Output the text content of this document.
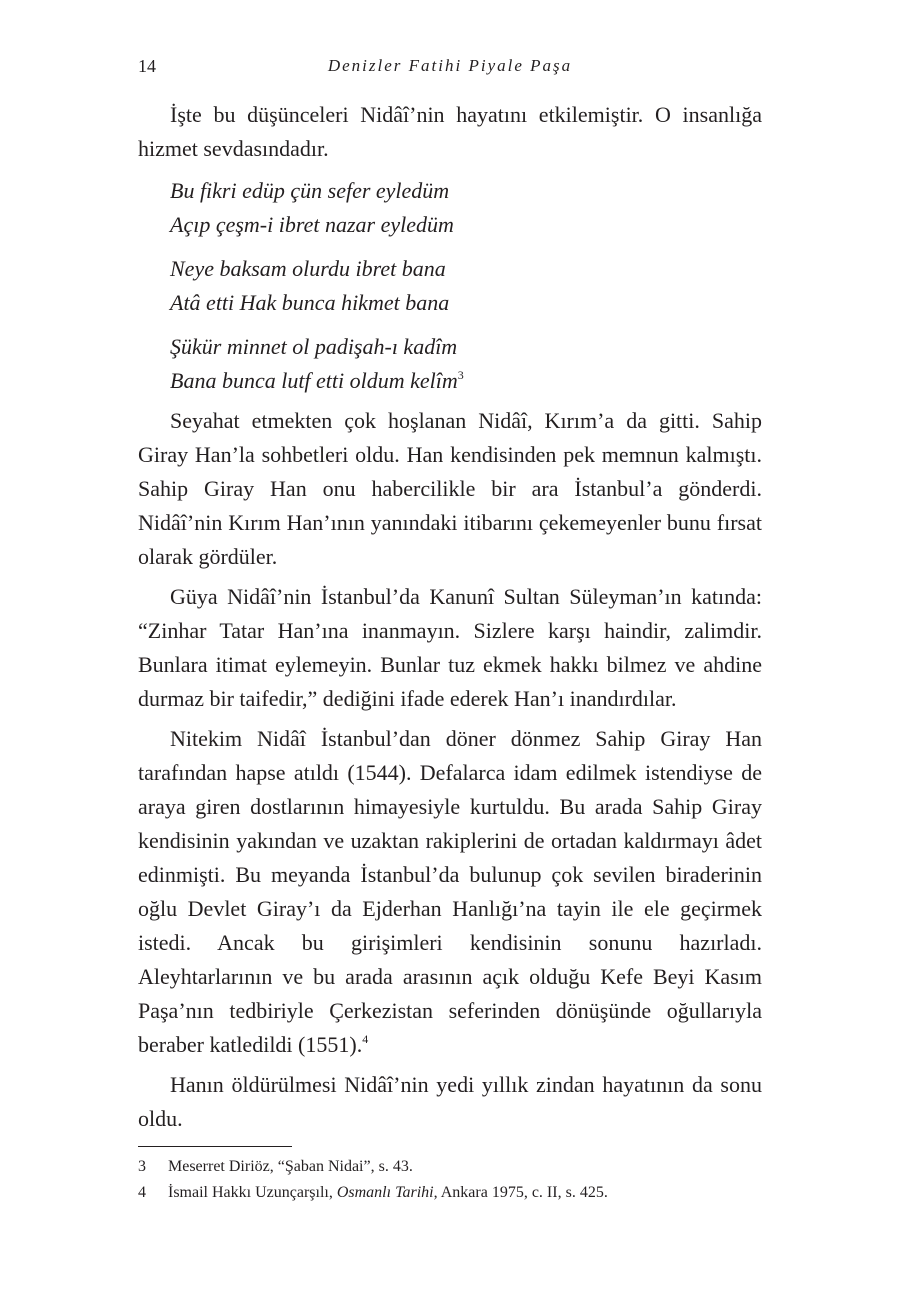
14	Denizler Fatihi Piyale Paşa

İşte bu düşünceleri Nidâî’nin hayatını etkilemiştir. O insanlığa hizmet sevdasındadır.

Bu fikri edüp çün sefer eyledüm
Açıp çeşm-i ibret nazar eyledüm
Neye baksam olurdu ibret bana
Atâ etti Hak bunca hikmet bana
Şükür minnet ol padişah-ı kadîm
Bana bunca lutf etti oldum kelîm$^3$

Seyahat etmekten çok hoşlanan Nidâî, Kırım’a da gitti. Sahip Giray Han’la sohbetleri oldu. Han kendisinden pek memnun kalmıştı. Sahip Giray Han onu habercilikle bir ara İstanbul’a gönderdi. Nidâî’nin Kırım Han’ının yanındaki itibarını çekemeyenler bunu fırsat olarak gördüler.

Güya Nidâî’nin İstanbul’da Kanunî Sultan Süleyman’ın katında: “Zinhar Tatar Han’ına inanmayın. Sizlere karşı haindir, zalimdir. Bunlara itimat eylemeyin. Bunlar tuz ekmek hakkı bilmez ve ahdine durmaz bir taifedir,” dediğini ifade ederek Han’ı inandırdılar.

Nitekim Nidâî İstanbul’dan döner dönmez Sahip Giray Han tarafından hapse atıldı (1544). Defalarca idam edilmek istendiyse de araya giren dostlarının himayesiyle kurtuldu. Bu arada Sahip Giray kendisinin yakından ve uzaktan rakiplerini de ortadan kaldırmayı âdet edinmişti. Bu meyanda İstanbul’da bulunup çok sevilen biraderinin oğlu Devlet Giray’ı da Ejderhan Hanlığı’na tayin ile ele geçirmek istedi. Ancak bu girişimleri kendisinin sonunu hazırladı. Aleyhtarlarının ve bu arada arasının açık olduğu Kefe Beyi Kasım Paşa’nın tedbiriyle Çerkezistan seferinden dönüşünde oğullarıyla beraber katledildi (1551).$^4$

Hanın öldürülmesi Nidâî’nin yedi yıllık zindan hayatının da sonu oldu.

3 Meserret Diriöz, “Şaban Nidai”, s. 43.
4 İsmail Hakkı Uzunçarşılı, Osmanlı Tarihi, Ankara 1975, c. II, s. 425.
